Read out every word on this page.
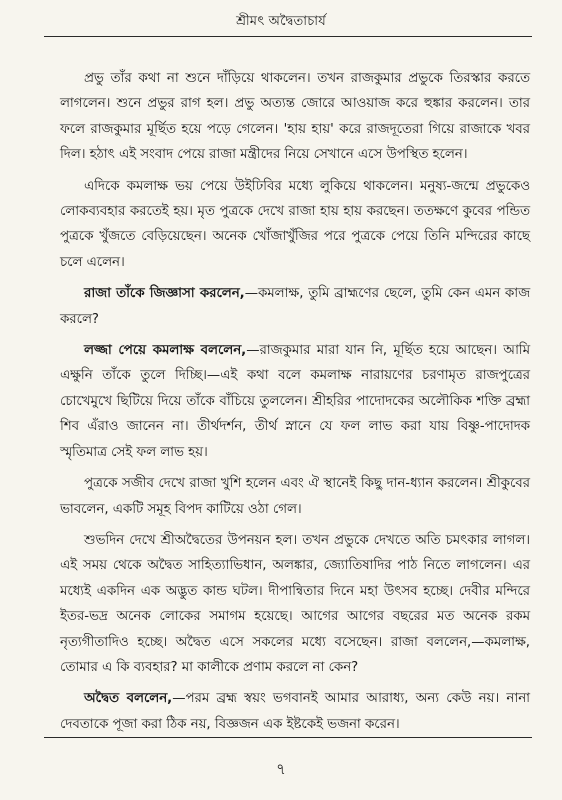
শ্রীমৎ অদ্বৈতাচার্য

প্রভু তাঁর কথা না শুনে দাঁড়িয়ে থাকলেন। তখন রাজকুমার প্রভুকে তিরস্কার করতে লাগলেন। শুনে প্রভুর রাগ হল। প্রভু অত্যন্ত জোরে আওয়াজ করে হুঙ্কার করলেন। তার ফলে রাজকুমার মূর্ছিত হয়ে পড়ে গেলেন। 'হায় হায়' করে রাজদূতেরা গিয়ে রাজাকে খবর দিল। হঠাৎ এই সংবাদ পেয়ে রাজা মন্ত্রীদের নিয়ে সেখানে এসে উপস্থিত হলেন।

এদিকে কমলাক্ষ ভয় পেয়ে উইঢিবির মধ্যে লুকিয়ে থাকলেন। মনুষ্য-জন্মে প্রভুকেও লোকব্যবহার করতেই হয়। মৃত পুত্রকে দেখে রাজা হায় হায় করছেন। ততক্ষণে কুবের পন্ডিত পুত্রকে খুঁজতে বেড়িয়েছেন। অনেক খোঁজাখুঁজির পরে পুত্রকে পেয়ে তিনি মন্দিরের কাছে চলে এলেন।

রাজা তাঁকে জিজ্ঞাসা করলেন,—কমলাক্ষ, তুমি ব্রাহ্মণের ছেলে, তুমি কেন এমন কাজ করলে?

লজ্জা পেয়ে কমলাক্ষ বললেন,—রাজকুমার মারা যান নি, মূর্ছিত হয়ে আছেন। আমি এক্ষুনি তাঁকে তুলে দিচ্ছি।—এই কথা বলে কমলাক্ষ নারায়ণের চরণামৃত রাজপুত্রের চোখেমুখে ছিটিয়ে দিয়ে তাঁকে বাঁচিয়ে তুললেন। শ্রীহরির পাদোদকের অলৌকিক শক্তি ব্রহ্মা শিব এঁরাও জানেন না। তীর্থদর্শন, তীর্থ স্নানে যে ফল লাভ করা যায় বিষ্ণু-পাদোদক স্মৃতিমাত্র সেই ফল লাভ হয়।

পুত্রকে সজীব দেখে রাজা খুশি হলেন এবং ঐ স্থানেই কিছু দান-ধ্যান করলেন। শ্রীকুবের ভাবলেন, একটি সমূহ বিপদ কাটিয়ে ওঠা গেল।

শুভদিন দেখে শ্রীঅদ্বৈতের উপনয়ন হল। তখন প্রভুকে দেখতে অতি চমৎকার লাগল। এই সময় থেকে অদ্বৈত সাহিত্যাভিধান, অলঙ্কার, জ্যোতিষাদির পাঠ নিতে লাগলেন। এর মধ্যেই একদিন এক অদ্ভুত কান্ড ঘটল। দীপান্বিতার দিনে মহা উৎসব হচ্ছে। দেবীর মন্দিরে ইতর-ভদ্র অনেক লোকের সমাগম হয়েছে। আগের আগের বছরের মত অনেক রকম নৃত্যগীতাদিও হচ্ছে। অদ্বৈত এসে সকলের মধ্যে বসেছেন। রাজা বললেন,—কমলাক্ষ, তোমার এ কি ব্যবহার? মা কালীকে প্রণাম করলে না কেন?

অদ্বৈত বললেন,—পরম ব্রহ্ম স্বয়ং ভগবানই আমার আরাধ্য, অন্য কেউ নয়। নানা দেবতাকে পূজা করা ঠিক নয়, বিজ্ঞজন এক ইষ্টকেই ভজনা করেন।

৭
